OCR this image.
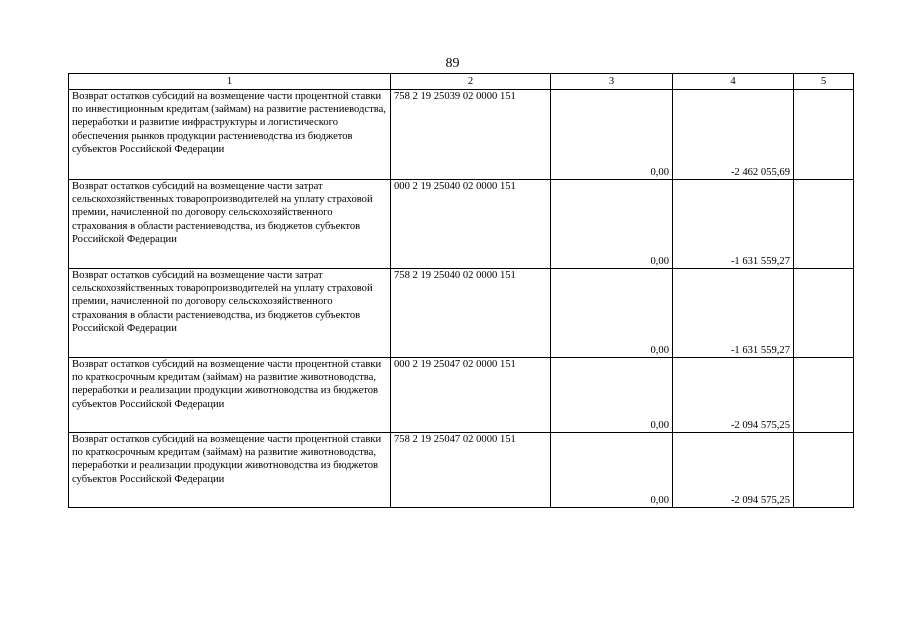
89
1	2	3	4	5
Возврат остатков субсидий на возмещение части процентной ставки по инвестиционным кредитам (займам) на развитие растениеводства, переработки и развитие инфраструктуры и логистического обеспечения рынков продукции растениеводства из бюджетов субъектов Российской Федерации	758 2 19 25039 02 0000 151	0,00	-2 462 055,69	
Возврат остатков субсидий на возмещение части затрат сельскохозяйственных товаропроизводителей на уплату страховой премии, начисленной по договору сельскохозяйственного страхования в области растениеводства, из бюджетов субъектов Российской Федерации	000 2 19 25040 02 0000 151	0,00	-1 631 559,27	
Возврат остатков субсидий на возмещение части затрат сельскохозяйственных товаропроизводителей на уплату страховой премии, начисленной по договору сельскохозяйственного страхования в области растениеводства, из бюджетов субъектов Российской Федерации	758 2 19 25040 02 0000 151	0,00	-1 631 559,27	
Возврат остатков субсидий на возмещение части процентной ставки по краткосрочным кредитам (займам) на развитие животноводства, переработки и реализации продукции животноводства из бюджетов субъектов Российской Федерации	000 2 19 25047 02 0000 151	0,00	-2 094 575,25	
Возврат остатков субсидий на возмещение части процентной ставки по краткосрочным кредитам (займам) на развитие животноводства, переработки и реализации продукции животноводства из бюджетов субъектов Российской Федерации	758 2 19 25047 02 0000 151	0,00	-2 094 575,25	
